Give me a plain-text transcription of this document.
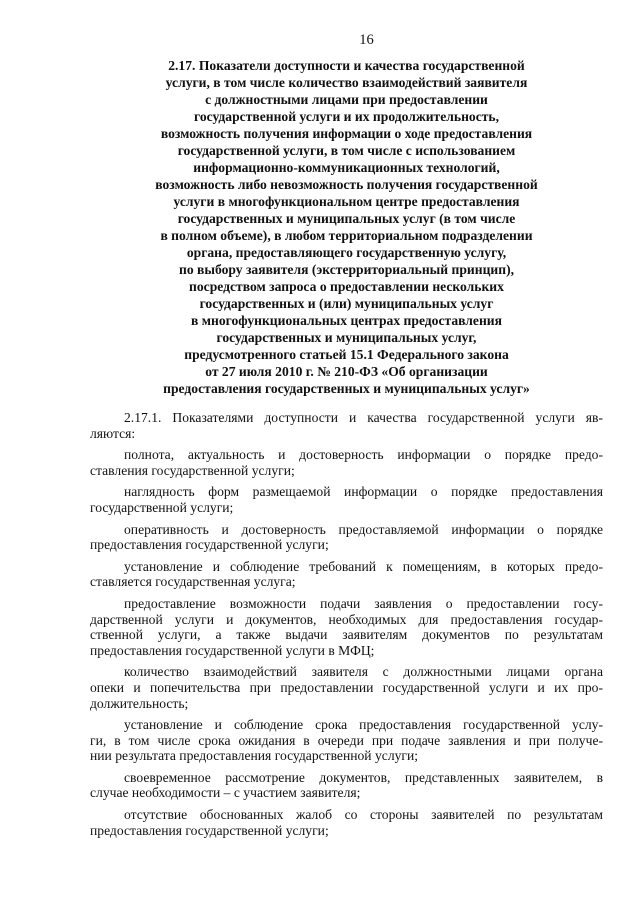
16
2.17. Показатели доступности и качества государственной
услуги, в том числе количество взаимодействий заявителя
с должностными лицами при предоставлении
государственной услуги и их продолжительность,
возможность получения информации о ходе предоставления
государственной услуги, в том числе с использованием
информационно-коммуникационных технологий,
возможность либо невозможность получения государственной
услуги в многофункциональном центре предоставления
государственных и муниципальных услуг (в том числе
в полном объеме), в любом территориальном подразделении
органа, предоставляющего государственную услугу,
по выбору заявителя (экстерриториальный принцип),
посредством запроса о предоставлении нескольких
государственных и (или) муниципальных услуг
в многофункциональных центрах предоставления
государственных и муниципальных услуг,
предусмотренного статьей 15.1 Федерального закона
от 27 июля 2010 г. № 210-ФЗ «Об организации
предоставления государственных и муниципальных услуг»
2.17.1. Показателями доступности и качества государственной услуги яв-
ляются:
полнота, актуальность и достоверность информации о порядке предо-
ставления государственной услуги;
наглядность форм размещаемой информации о порядке предоставления
государственной услуги;
оперативность и достоверность предоставляемой информации о порядке
предоставления государственной услуги;
установление и соблюдение требований к помещениям, в которых предо-
ставляется государственная услуга;
предоставление возможности подачи заявления о предоставлении госу-
дарственной услуги и документов, необходимых для предоставления государ-
ственной услуги, а также выдачи заявителям документов по результатам
предоставления государственной услуги в МФЦ;
количество взаимодействий заявителя с должностными лицами органа
опеки и попечительства при предоставлении государственной услуги и их про-
должительность;
установление и соблюдение срока предоставления государственной услу-
ги, в том числе срока ожидания в очереди при подаче заявления и при получе-
нии результата предоставления государственной услуги;
своевременное рассмотрение документов, представленных заявителем, в
случае необходимости – с участием заявителя;
отсутствие обоснованных жалоб со стороны заявителей по результатам
предоставления государственной услуги;
